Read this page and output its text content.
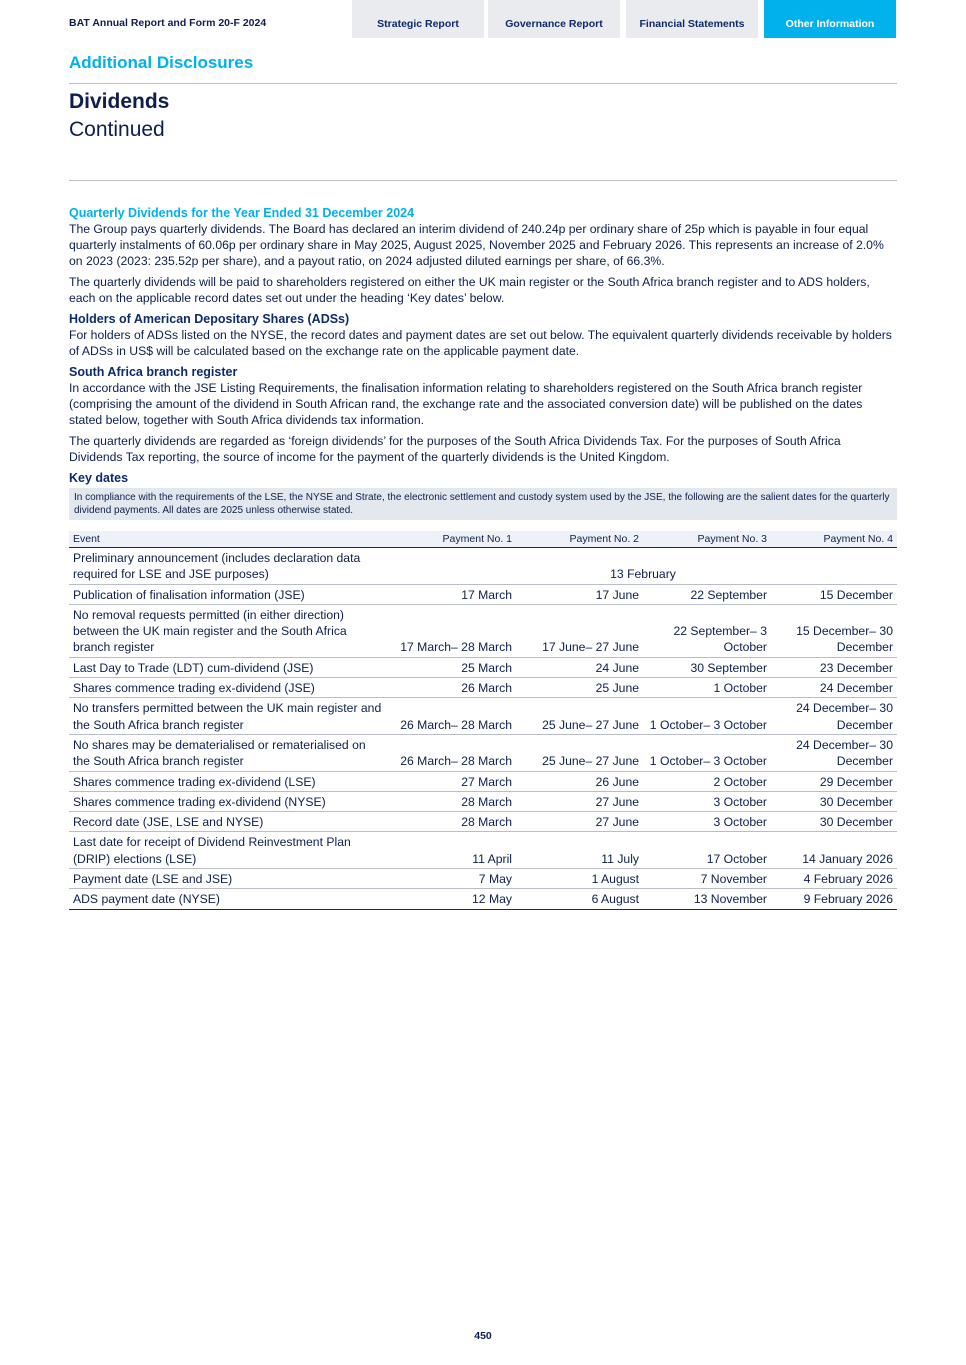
BAT Annual Report and Form 20-F 2024	Strategic Report	Governance Report	Financial Statements	Other Information
Additional Disclosures
Dividends
Continued
Quarterly Dividends for the Year Ended 31 December 2024

The Group pays quarterly dividends. The Board has declared an interim dividend of 240.24p per ordinary share of 25p which is payable in four equal quarterly instalments of 60.06p per ordinary share in May 2025, August 2025, November 2025 and February 2026. This represents an increase of 2.0% on 2023 (2023: 235.52p per share), and a payout ratio, on 2024 adjusted diluted earnings per share, of 66.3%.

The quarterly dividends will be paid to shareholders registered on either the UK main register or the South Africa branch register and to ADS holders, each on the applicable record dates set out under the heading ‘Key dates’ below.

Holders of American Depositary Shares (ADSs)

For holders of ADSs listed on the NYSE, the record dates and payment dates are set out below. The equivalent quarterly dividends receivable by holders of ADSs in US$ will be calculated based on the exchange rate on the applicable payment date.

South Africa branch register

In accordance with the JSE Listing Requirements, the finalisation information relating to shareholders registered on the South Africa branch register (comprising the amount of the dividend in South African rand, the exchange rate and the associated conversion date) will be published on the dates stated below, together with South Africa dividends tax information.

The quarterly dividends are regarded as ‘foreign dividends’ for the purposes of the South Africa Dividends Tax. For the purposes of South Africa Dividends Tax reporting, the source of income for the payment of the quarterly dividends is the United Kingdom.

Key dates
In compliance with the requirements of the LSE, the NYSE and Strate, the electronic settlement and custody system used by the JSE, the following are the salient dates for the quarterly dividend payments. All dates are 2025 unless otherwise stated.
Event	Payment No. 1	Payment No. 2	Payment No. 3	Payment No. 4
Preliminary announcement (includes declaration data required for LSE and JSE purposes)	13 February			
Publication of finalisation information (JSE)	17 March	17 June	22 September	15 December
No removal requests permitted (in either direction) between the UK main register and the South Africa branch register	17 March– 28 March	17 June– 27 June	22 September– 3 October	15 December– 30 December
Last Day to Trade (LDT) cum-dividend (JSE)	25 March	24 June	30 September	23 December
Shares commence trading ex-dividend (JSE)	26 March	25 June	1 October	24 December
No transfers permitted between the UK main register and the South Africa branch register	26 March– 28 March	25 June– 27 June	1 October– 3 October	24 December– 30 December
No shares may be dematerialised or rematerialised on the South Africa branch register	26 March– 28 March	25 June– 27 June	1 October– 3 October	24 December– 30 December
Shares commence trading ex-dividend (LSE)	27 March	26 June	2 October	29 December
Shares commence trading ex-dividend (NYSE)	28 March	27 June	3 October	30 December
Record date (JSE, LSE and NYSE)	28 March	27 June	3 October	30 December
Last date for receipt of Dividend Reinvestment Plan (DRIP) elections (LSE)	11 April	11 July	17 October	14 January 2026
Payment date (LSE and JSE)	7 May	1 August	7 November	4 February 2026
ADS payment date (NYSE)	12 May	6 August	13 November	9 February 2026
450
